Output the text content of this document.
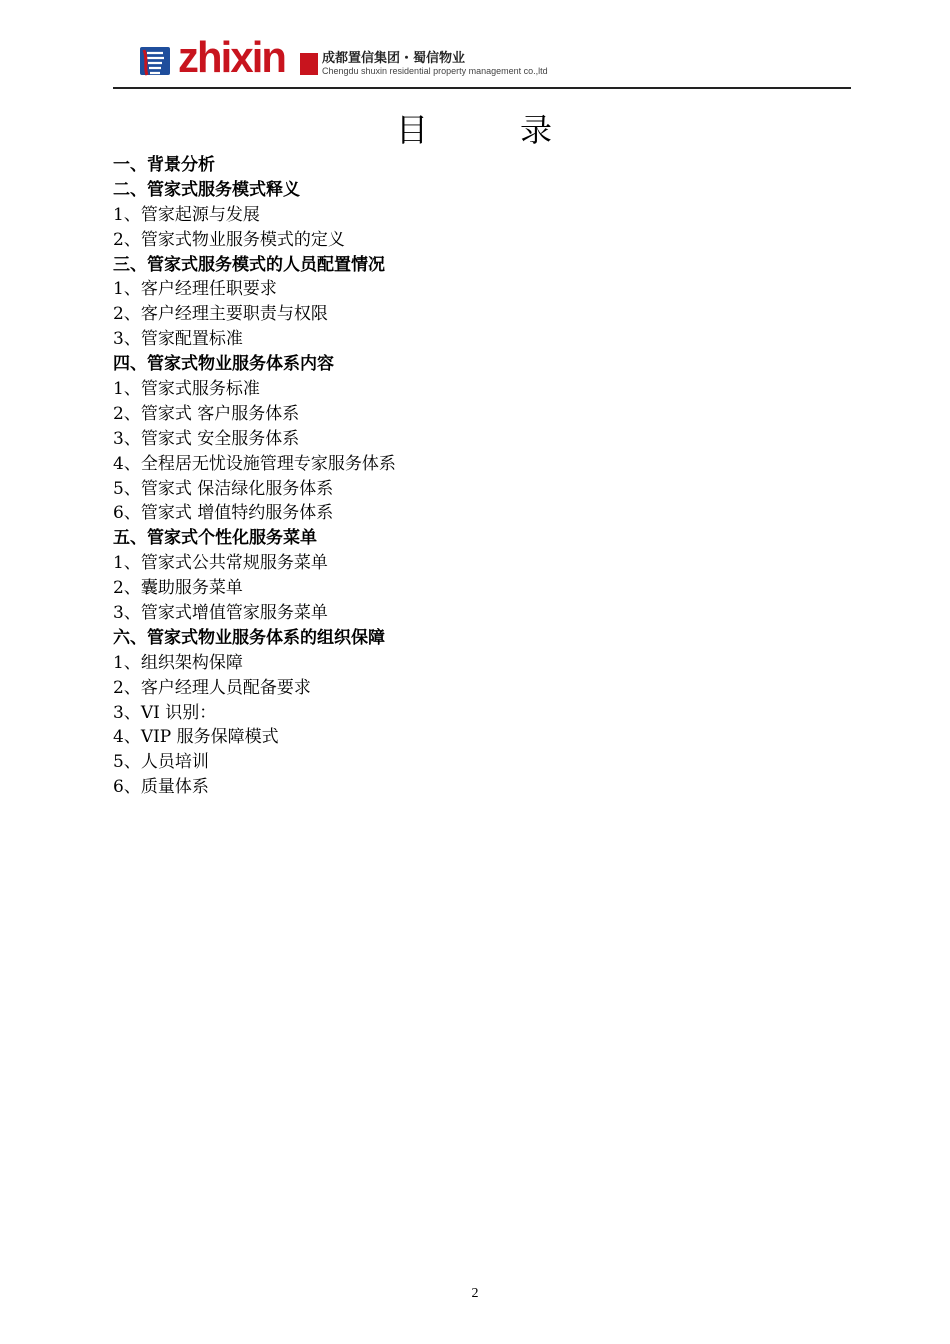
zhixin	成都置信集团・蜀信物业
Chengdu shuxin residential property management co.,ltd
目	录
一、背景分析
二、管家式服务模式释义
1、管家起源与发展
2、管家式物业服务模式的定义
三、管家式服务模式的人员配置情况
1、客户经理任职要求
2、客户经理主要职责与权限
3、管家配置标准
四、管家式物业服务体系内容
1、管家式服务标准
2、管家式 客户服务体系
3、管家式 安全服务体系
4、全程居无忧设施管理专家服务体系
5、管家式 保洁绿化服务体系
6、管家式 增值特约服务体系
五、管家式个性化服务菜单
1、管家式公共常规服务菜单
2、囊助服务菜单
3、管家式增值管家服务菜单
六、管家式物业服务体系的组织保障
1、组织架构保障
2、客户经理人员配备要求
3、VI 识别：
4、VIP 服务保障模式
5、人员培训
6、质量体系
2
